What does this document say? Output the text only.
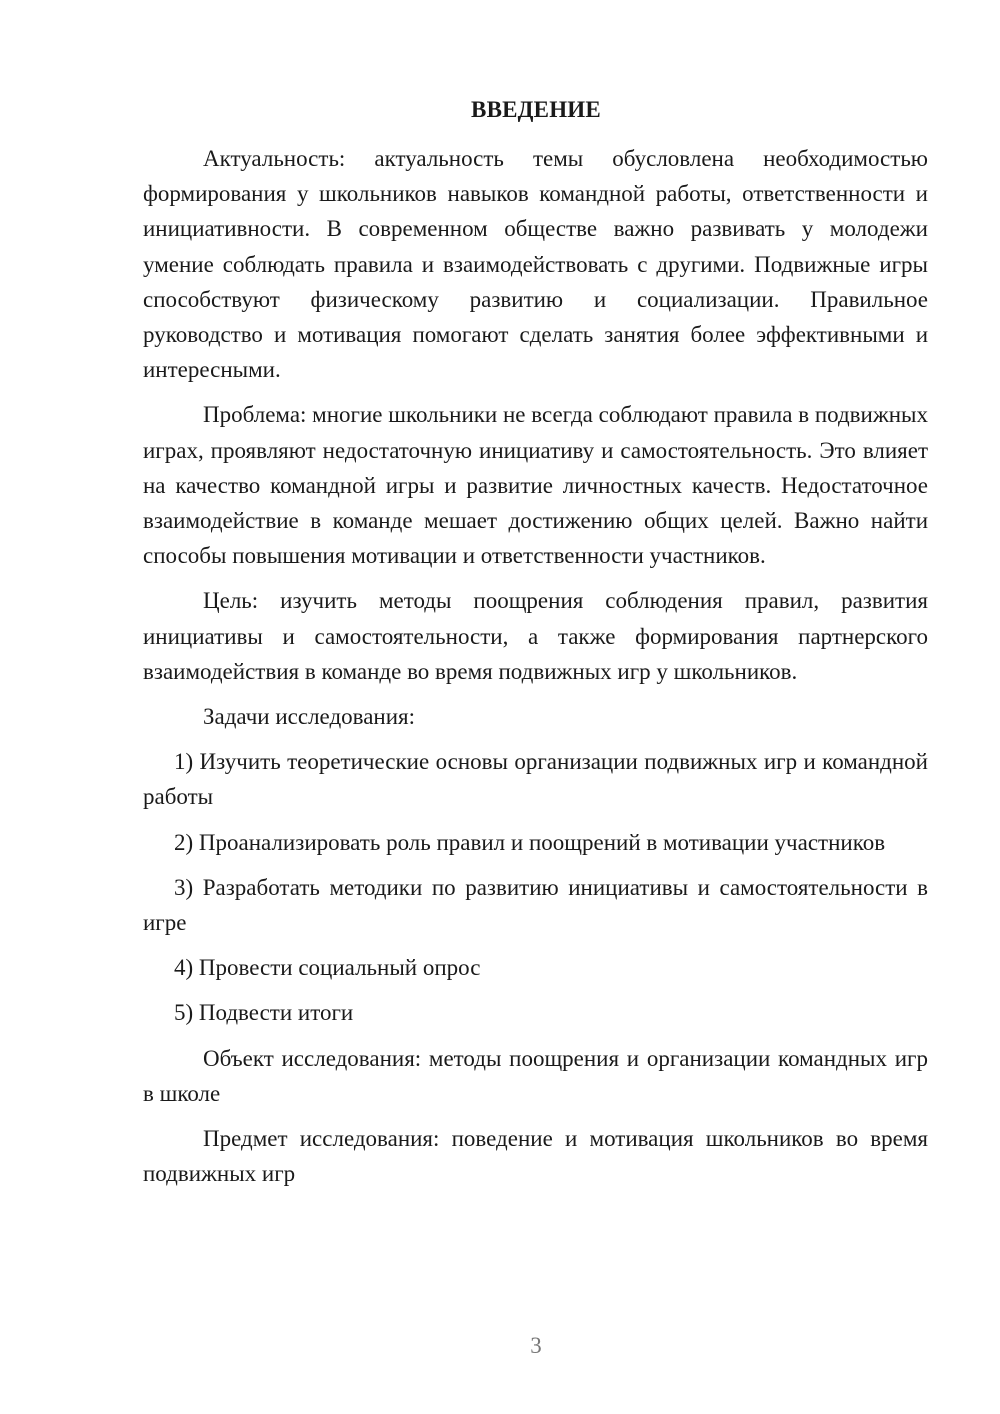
ВВЕДЕНИЕ

Актуальность: актуальность темы обусловлена необходимостью формирования у школьников навыков командной работы, ответственности и инициативности. В современном обществе важно развивать у молодежи умение соблюдать правила и взаимодействовать с другими. Подвижные игры способствуют физическому развитию и социализации. Правильное руководство и мотивация помогают сделать занятия более эффективными и интересными.

Проблема: многие школьники не всегда соблюдают правила в подвижных играх, проявляют недостаточную инициативу и самостоятельность. Это влияет на качество командной игры и развитие личностных качеств. Недостаточное взаимодействие в команде мешает достижению общих целей. Важно найти способы повышения мотивации и ответственности участников.

Цель: изучить методы поощрения соблюдения правил, развития инициативы и самостоятельности, а также формирования партнерского взаимодействия в команде во время подвижных игр у школьников.

Задачи исследования:

1) Изучить теоретические основы организации подвижных игр и командной работы

2) Проанализировать роль правил и поощрений в мотивации участников

3) Разработать методики по развитию инициативы и самостоятельности в игре

4) Провести социальный опрос

5) Подвести итоги

Объект исследования: методы поощрения и организации командных игр в школе

Предмет исследования: поведение и мотивация школьников во время подвижных игр

3
